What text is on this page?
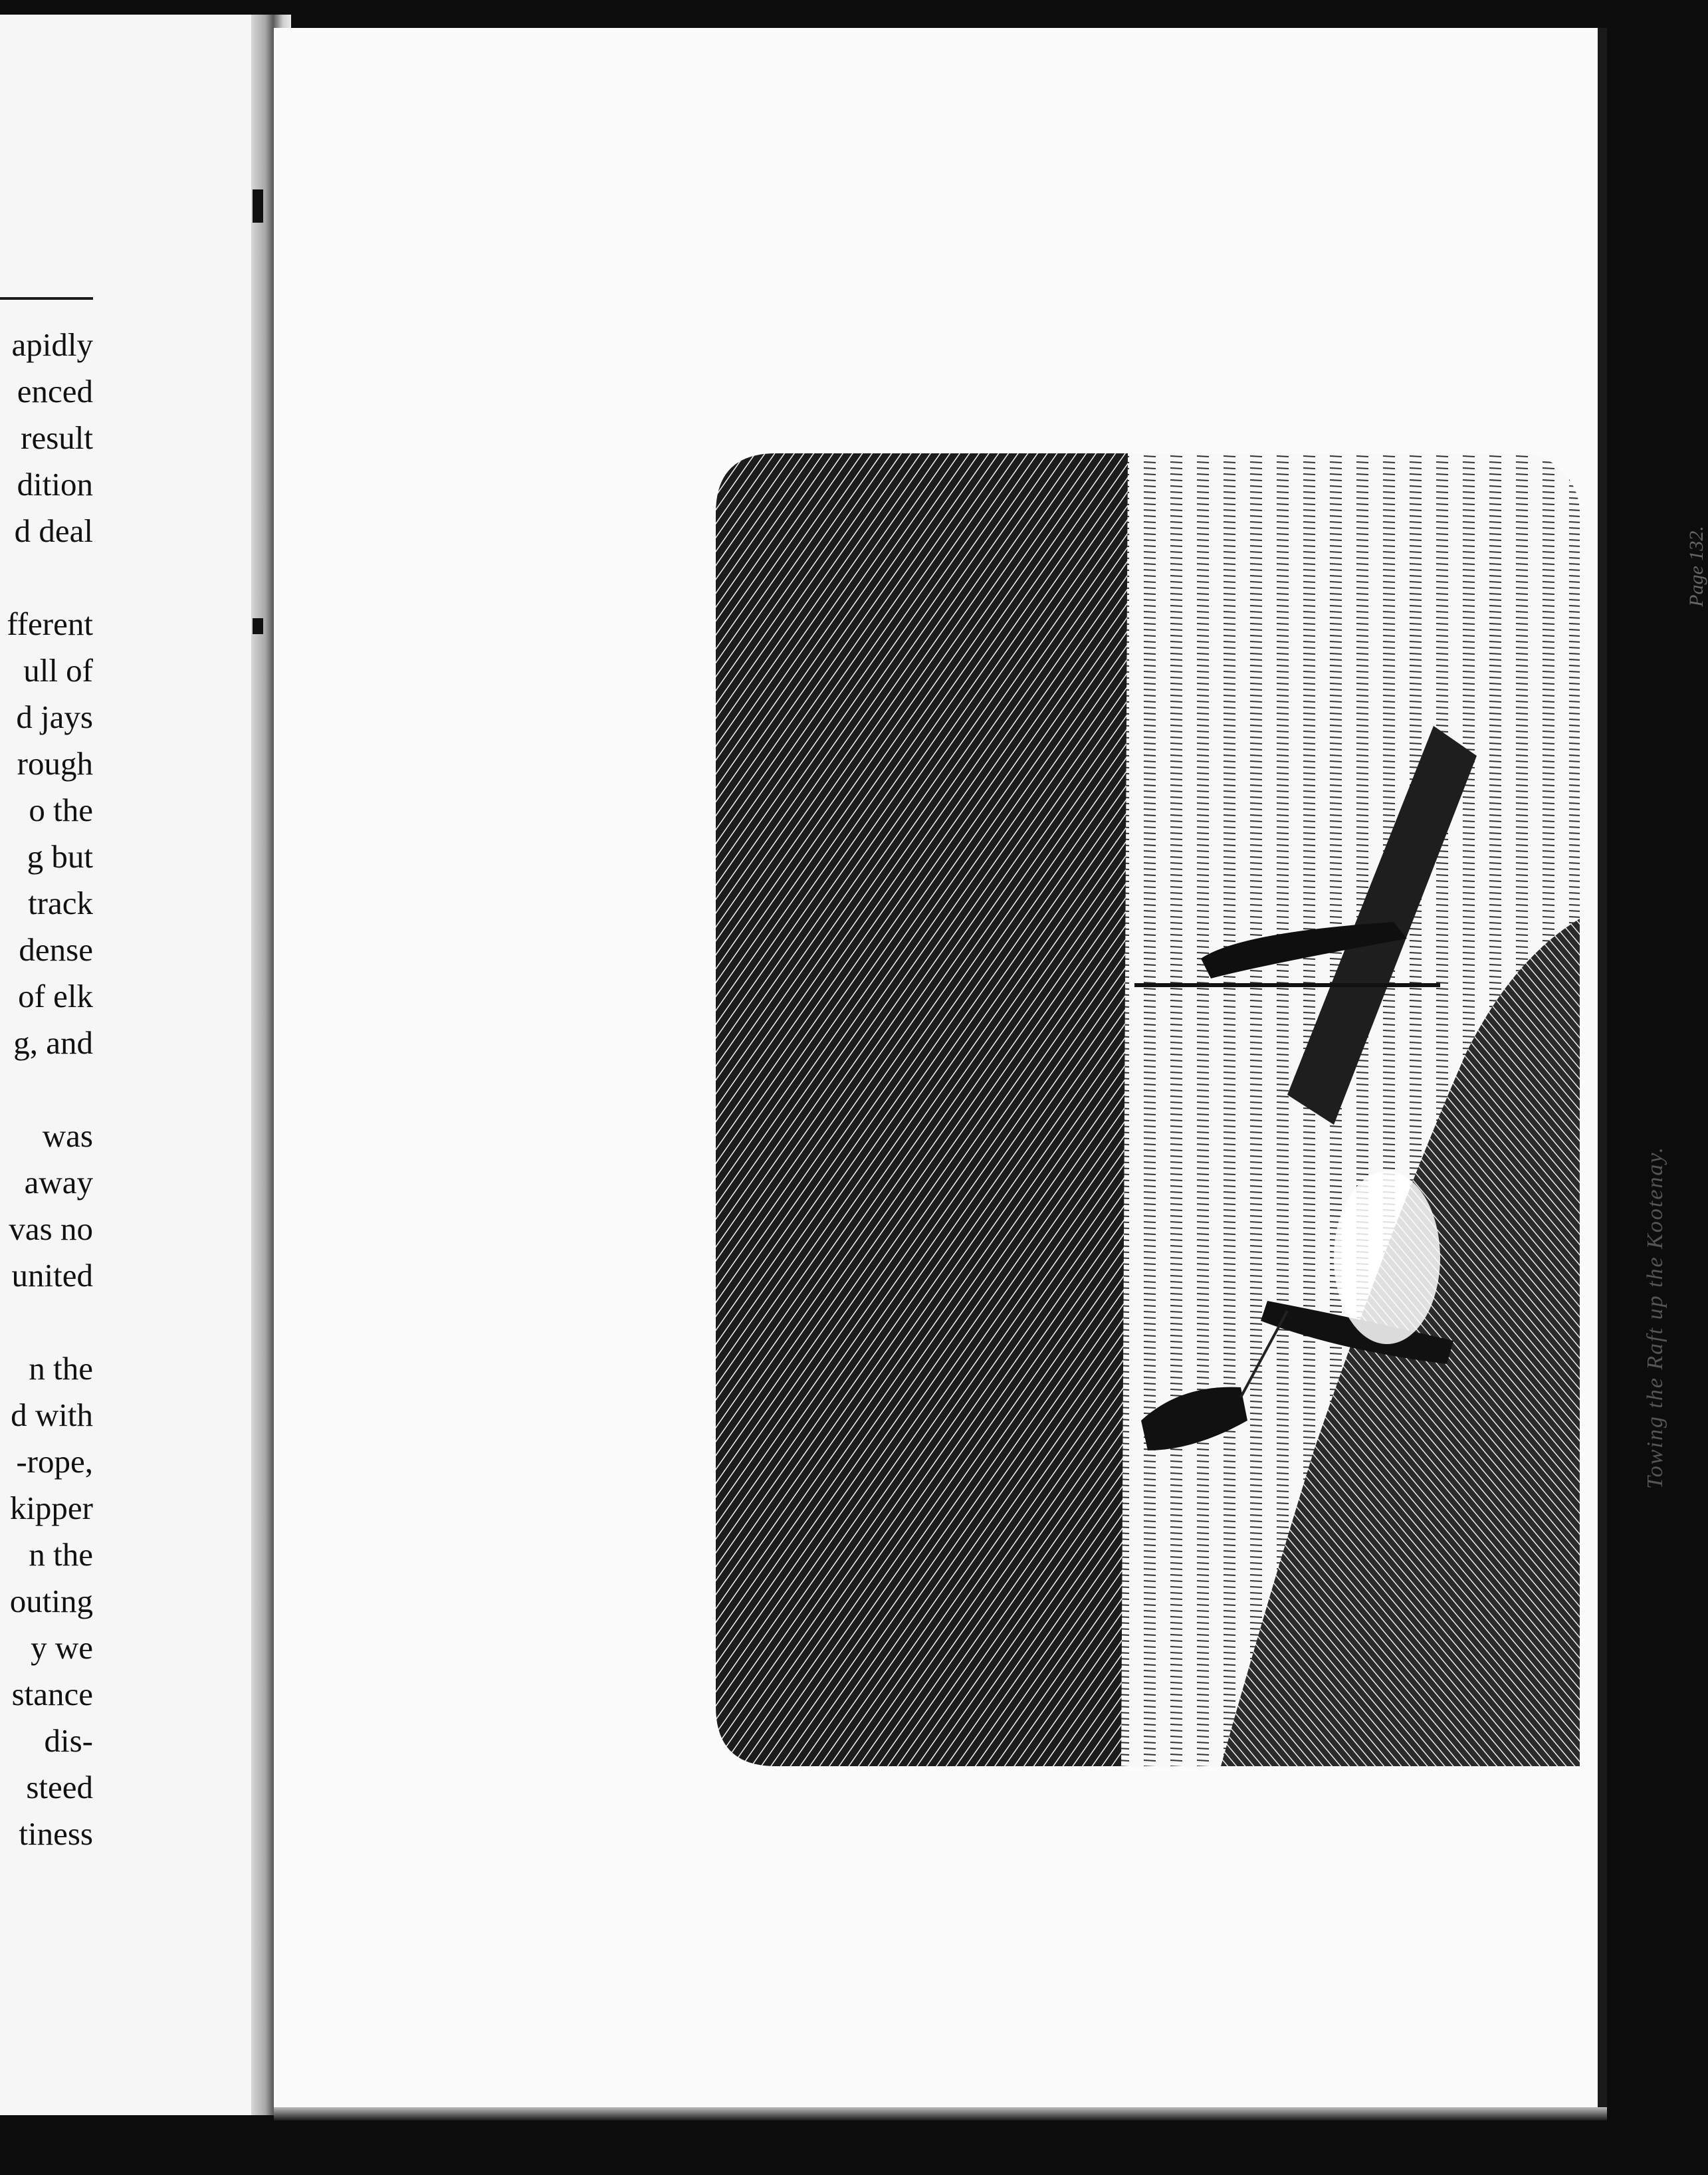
apidly
enced
result
dition
d deal
fferent
ull of
d jays
rough
o the
g but
track
dense
of elk
g, and
was
away
vas no
united
n the
d with
-rope,
kipper
n the
outing
y we
stance
dis-
steed
tiness
Towing the Raft up the Kootenay.
Page 132.
